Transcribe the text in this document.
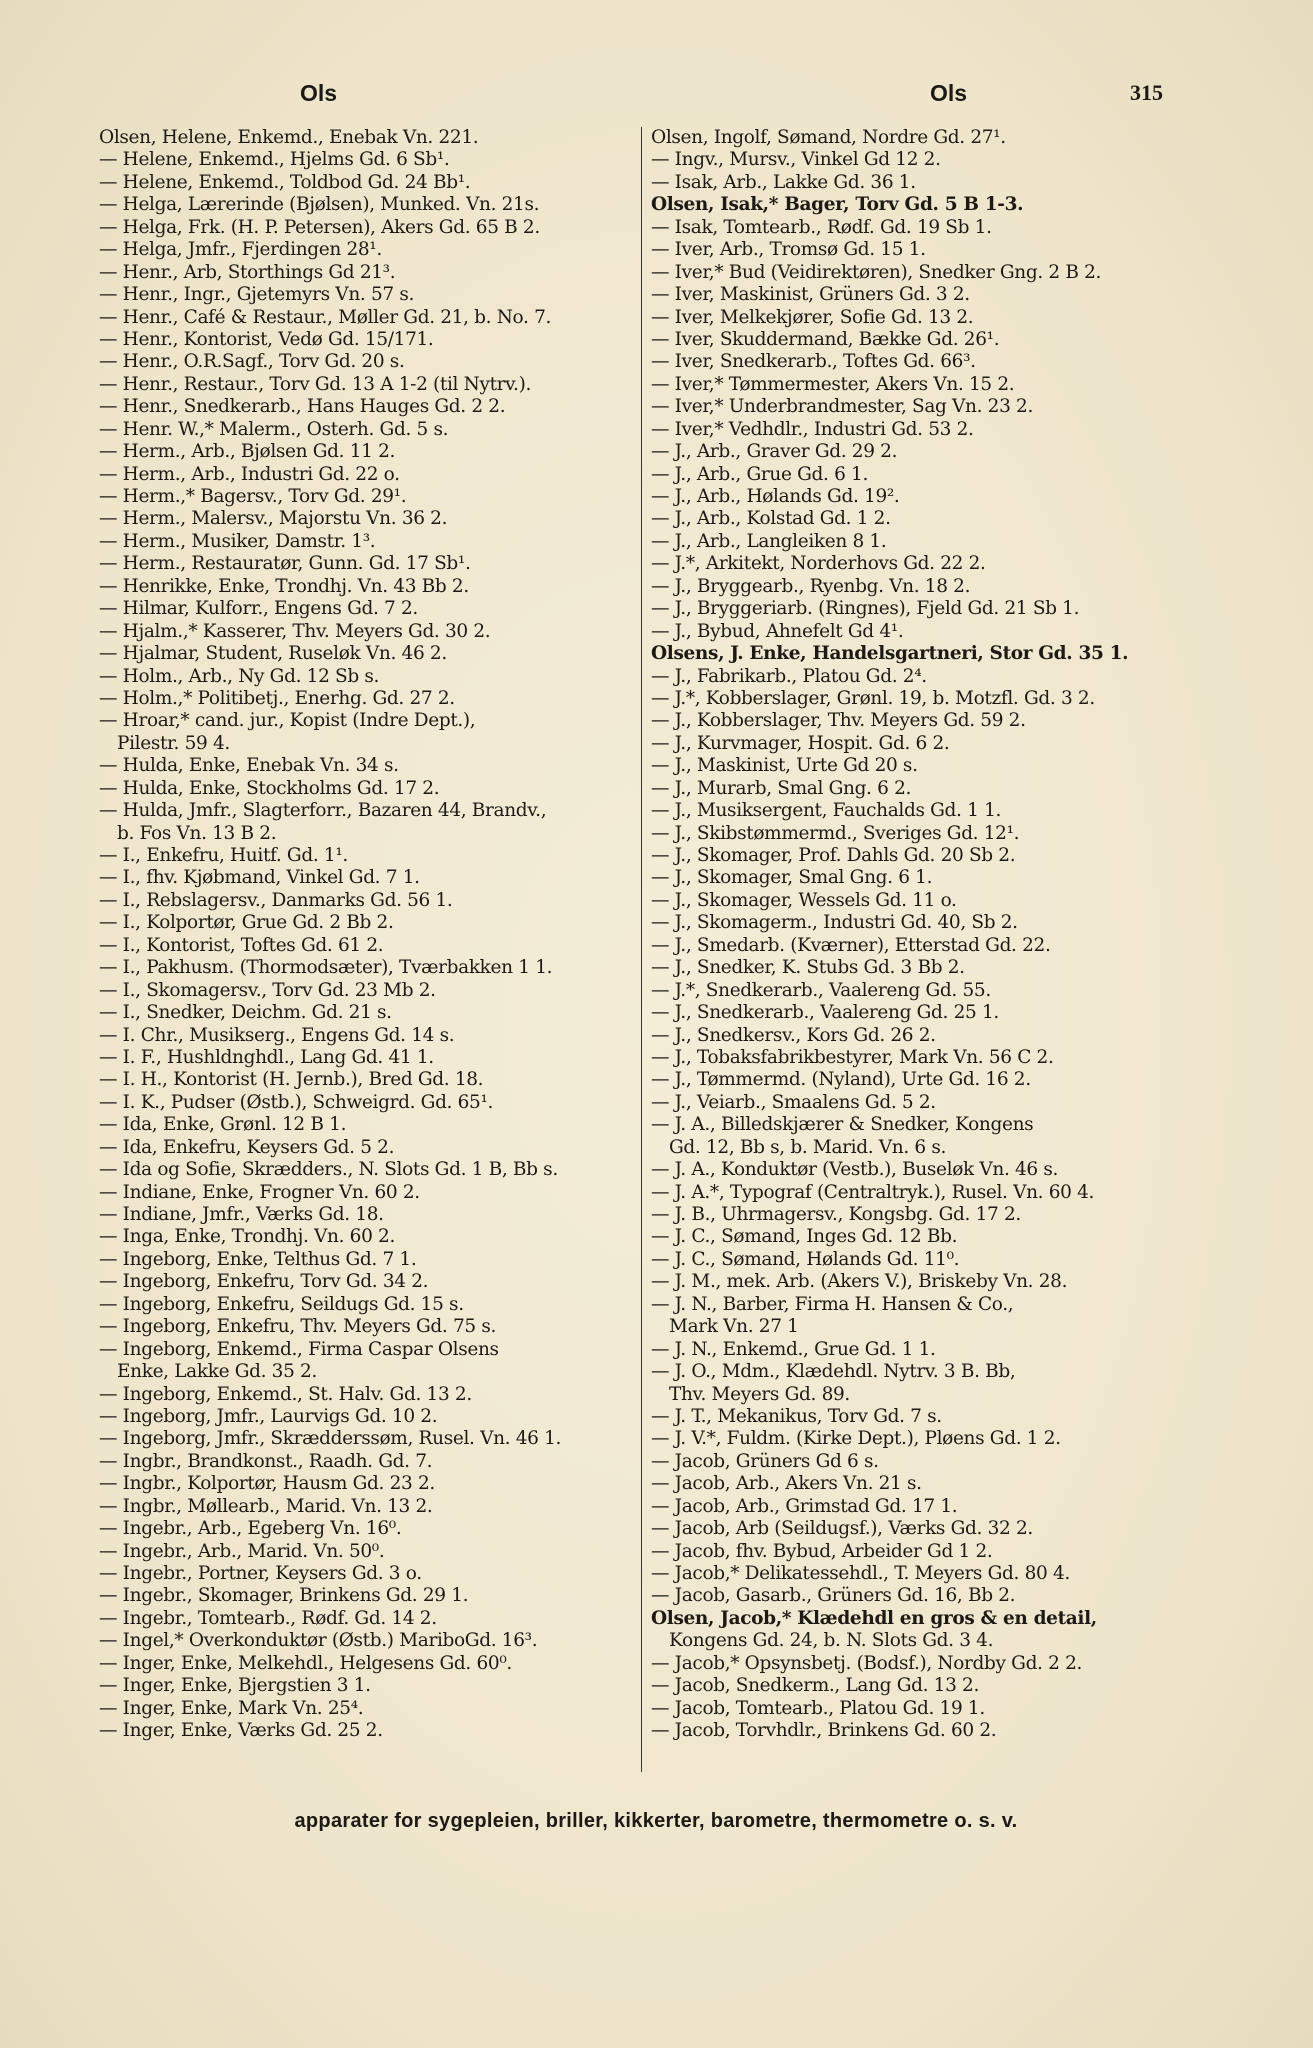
Ols	Ols	315
Olsen, Helene, Enkemd., Enebak Vn. 221.
— Helene, Enkemd., Hjelms Gd. 6 Sb¹.
— Helene, Enkemd., Toldbod Gd. 24 Bb¹.
— Helga, Lærerinde (Bjølsen), Munked. Vn. 21s.
— Helga, Frk. (H. P. Petersen), Akers Gd. 65 B 2.
— Helga, Jmfr., Fjerdingen 28¹.
— Henr., Arb, Storthings Gd 21³.
— Henr., Ingr., Gjetemyrs Vn. 57 s.
— Henr., Café & Restaur., Møller Gd. 21, b. No. 7.
— Henr., Kontorist, Vedø Gd. 15/171.
— Henr., O.R.Sagf., Torv Gd. 20 s.
— Henr., Restaur., Torv Gd. 13 A 1-2 (til Nytrv.).
— Henr., Snedkerarb., Hans Hauges Gd. 2 2.
— Henr. W.,* Malerm., Osterh. Gd. 5 s.
— Herm., Arb., Bjølsen Gd. 11 2.
— Herm., Arb., Industri Gd. 22 o.
— Herm.,* Bagersv., Torv Gd. 29¹.
— Herm., Malersv., Majorstu Vn. 36 2.
— Herm., Musiker, Damstr. 1³.
— Herm., Restauratør, Gunn. Gd. 17 Sb¹.
— Henrikke, Enke, Trondhj. Vn. 43 Bb 2.
— Hilmar, Kulforr., Engens Gd. 7 2.
— Hjalm.,* Kasserer, Thv. Meyers Gd. 30 2.
— Hjalmar, Student, Ruseløk Vn. 46 2.
— Holm., Arb., Ny Gd. 12 Sb s.
— Holm.,* Politibetj., Enerhg. Gd. 27 2.
— Hroar,* cand. jur., Kopist (Indre Dept.),
Pilestr. 59 4.
— Hulda, Enke, Enebak Vn. 34 s.
— Hulda, Enke, Stockholms Gd. 17 2.
— Hulda, Jmfr., Slagterforr., Bazaren 44, Brandv.,
b. Fos Vn. 13 B 2.
— I., Enkefru, Huitf. Gd. 1¹.
— I., fhv. Kjøbmand, Vinkel Gd. 7 1.
— I., Rebslagersv., Danmarks Gd. 56 1.
— I., Kolportør, Grue Gd. 2 Bb 2.
— I., Kontorist, Toftes Gd. 61 2.
— I., Pakhusm. (Thormodsæter), Tværbakken 1 1.
— I., Skomagersv., Torv Gd. 23 Mb 2.
— I., Snedker, Deichm. Gd. 21 s.
— I. Chr., Musikserg., Engens Gd. 14 s.
— I. F., Hushldnghdl., Lang Gd. 41 1.
— I. H., Kontorist (H. Jernb.), Bred Gd. 18.
— I. K., Pudser (Østb.), Schweigrd. Gd. 65¹.
— Ida, Enke, Grønl. 12 B 1.
— Ida, Enkefru, Keysers Gd. 5 2.
— Ida og Sofie, Skrædders., N. Slots Gd. 1 B, Bb s.
— Indiane, Enke, Frogner Vn. 60 2.
— Indiane, Jmfr., Værks Gd. 18.
— Inga, Enke, Trondhj. Vn. 60 2.
— Ingeborg, Enke, Telthus Gd. 7 1.
— Ingeborg, Enkefru, Torv Gd. 34 2.
— Ingeborg, Enkefru, Seildugs Gd. 15 s.
— Ingeborg, Enkefru, Thv. Meyers Gd. 75 s.
— Ingeborg, Enkemd., Firma Caspar Olsens
Enke, Lakke Gd. 35 2.
— Ingeborg, Enkemd., St. Halv. Gd. 13 2.
— Ingeborg, Jmfr., Laurvigs Gd. 10 2.
— Ingeborg, Jmfr., Skrædderssøm, Rusel. Vn. 46 1.
— Ingbr., Brandkonst., Raadh. Gd. 7.
— Ingbr., Kolportør, Hausm Gd. 23 2.
— Ingbr., Møllearb., Marid. Vn. 13 2.
— Ingebr., Arb., Egeberg Vn. 16⁰.
— Ingebr., Arb., Marid. Vn. 50⁰.
— Ingebr., Portner, Keysers Gd. 3 o.
— Ingebr., Skomager, Brinkens Gd. 29 1.
— Ingebr., Tomtearb., Rødf. Gd. 14 2.
— Ingel,* Overkonduktør (Østb.) MariboGd. 16³.
— Inger, Enke, Melkehdl., Helgesens Gd. 60⁰.
— Inger, Enke, Bjergstien 3 1.
— Inger, Enke, Mark Vn. 25⁴.
— Inger, Enke, Værks Gd. 25 2.
Olsen, Ingolf, Sømand, Nordre Gd. 27¹.
— Ingv., Mursv., Vinkel Gd 12 2.
— Isak, Arb., Lakke Gd. 36 1.
Olsen, Isak,* Bager, Torv Gd. 5 B 1-3.
— Isak, Tomtearb., Rødf. Gd. 19 Sb 1.
— Iver, Arb., Tromsø Gd. 15 1.
— Iver,* Bud (Veidirektøren), Snedker Gng. 2 B 2.
— Iver, Maskinist, Grüners Gd. 3 2.
— Iver, Melkekjører, Sofie Gd. 13 2.
— Iver, Skuddermand, Bække Gd. 26¹.
— Iver, Snedkerarb., Toftes Gd. 66³.
— Iver,* Tømmermester, Akers Vn. 15 2.
— Iver,* Underbrandmester, Sag Vn. 23 2.
— Iver,* Vedhdlr., Industri Gd. 53 2.
— J., Arb., Graver Gd. 29 2.
— J., Arb., Grue Gd. 6 1.
— J., Arb., Hølands Gd. 19².
— J., Arb., Kolstad Gd. 1 2.
— J., Arb., Langleiken 8 1.
— J.*, Arkitekt, Norderhovs Gd. 22 2.
— J., Bryggearb., Ryenbg. Vn. 18 2.
— J., Bryggeriarb. (Ringnes), Fjeld Gd. 21 Sb 1.
— J., Bybud, Ahnefelt Gd 4¹.
Olsens, J. Enke, Handelsgartneri, Stor Gd. 35 1.
— J., Fabrikarb., Platou Gd. 2⁴.
— J.*, Kobberslager, Grønl. 19, b. Motzfl. Gd. 3 2.
— J., Kobberslager, Thv. Meyers Gd. 59 2.
— J., Kurvmager, Hospit. Gd. 6 2.
— J., Maskinist, Urte Gd 20 s.
— J., Murarb, Smal Gng. 6 2.
— J., Musiksergent, Fauchalds Gd. 1 1.
— J., Skibstømmermd., Sveriges Gd. 12¹.
— J., Skomager, Prof. Dahls Gd. 20 Sb 2.
— J., Skomager, Smal Gng. 6 1.
— J., Skomager, Wessels Gd. 11 o.
— J., Skomagerm., Industri Gd. 40, Sb 2.
— J., Smedarb. (Kværner), Etterstad Gd. 22.
— J., Snedker, K. Stubs Gd. 3 Bb 2.
— J.*, Snedkerarb., Vaalereng Gd. 55.
— J., Snedkerarb., Vaalereng Gd. 25 1.
— J., Snedkersv., Kors Gd. 26 2.
— J., Tobaksfabrikbestyrer, Mark Vn. 56 C 2.
— J., Tømmermd. (Nyland), Urte Gd. 16 2.
— J., Veiarb., Smaalens Gd. 5 2.
— J. A., Billedskjærer & Snedker, Kongens
Gd. 12, Bb s, b. Marid. Vn. 6 s.
— J. A., Konduktør (Vestb.), Buseløk Vn. 46 s.
— J. A.*, Typograf (Centraltryk.), Rusel. Vn. 60 4.
— J. B., Uhrmagersv., Kongsbg. Gd. 17 2.
— J. C., Sømand, Inges Gd. 12 Bb.
— J. C., Sømand, Hølands Gd. 11⁰.
— J. M., mek. Arb. (Akers V.), Briskeby Vn. 28.
— J. N., Barber, Firma H. Hansen & Co.,
Mark Vn. 27 1
— J. N., Enkemd., Grue Gd. 1 1.
— J. O., Mdm., Klædehdl. Nytrv. 3 B. Bb,
Thv. Meyers Gd. 89.
— J. T., Mekanikus, Torv Gd. 7 s.
— J. V.*, Fuldm. (Kirke Dept.), Pløens Gd. 1 2.
— Jacob, Grüners Gd 6 s.
— Jacob, Arb., Akers Vn. 21 s.
— Jacob, Arb., Grimstad Gd. 17 1.
— Jacob, Arb (Seildugsf.), Værks Gd. 32 2.
— Jacob, fhv. Bybud, Arbeider Gd 1 2.
— Jacob,* Delikatessehdl., T. Meyers Gd. 80 4.
— Jacob, Gasarb., Grüners Gd. 16, Bb 2.
Olsen, Jacob,* Klædehdl en gros & en detail,
Kongens Gd. 24, b. N. Slots Gd. 3 4.
— Jacob,* Opsynsbetj. (Bodsf.), Nordby Gd. 2 2.
— Jacob, Snedkerm., Lang Gd. 13 2.
— Jacob, Tomtearb., Platou Gd. 19 1.
— Jacob, Torvhdlr., Brinkens Gd. 60 2.
apparater for sygepleien, briller, kikkerter, barometre, thermometre o. s. v.
